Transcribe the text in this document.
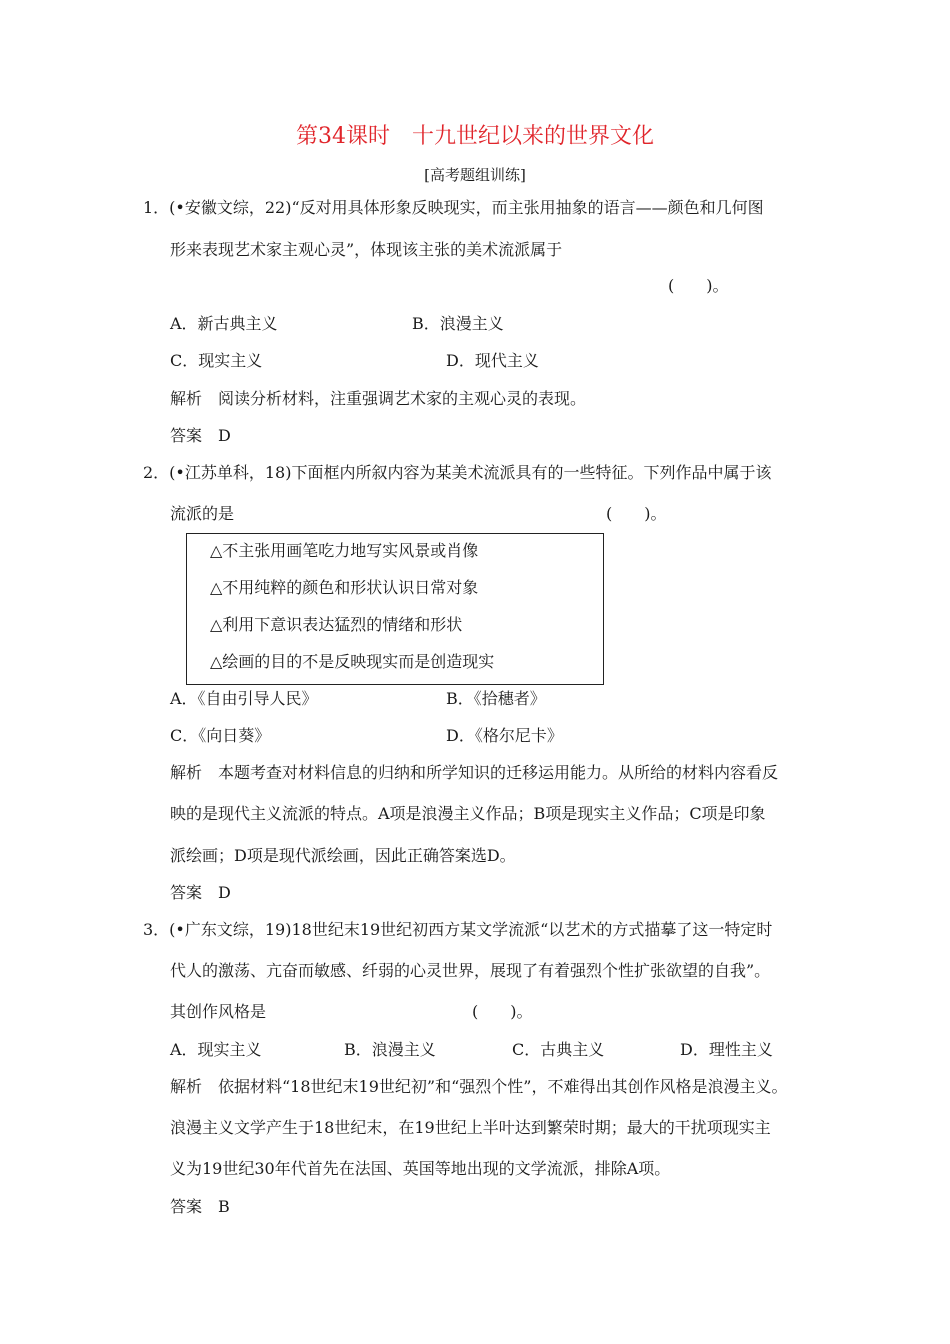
第34课时　十九世纪以来的世界文化
[高考题组训练]
1．(•安徽文综，22)“反对用具体形象反映现实，而主张用抽象的语言——颜色和几何图
形来表现艺术家主观心灵”，体现该主张的美术流派属于
(　　)。
A．新古典主义	B．浪漫主义
C．现实主义	D．现代主义
解析　阅读分析材料，注重强调艺术家的主观心灵的表现。
答案　D
2．(•江苏单科，18)下面框内所叙内容为某美术流派具有的一些特征。下列作品中属于该
流派的是	(　　)。
△不主张用画笔吃力地写实风景或肖像
△不用纯粹的颜色和形状认识日常对象
△利用下意识表达猛烈的情绪和形状
△绘画的目的不是反映现实而是创造现实
A．《自由引导人民》	B．《拾穗者》
C．《向日葵》	D．《格尔尼卡》
解析　本题考查对材料信息的归纳和所学知识的迁移运用能力。从所给的材料内容看反
映的是现代主义流派的特点。A项是浪漫主义作品；B项是现实主义作品；C项是印象
派绘画；D项是现代派绘画，因此正确答案选D。
答案　D
3．(•广东文综，19)18世纪末19世纪初西方某文学流派“以艺术的方式描摹了这一特定时
代人的激荡、亢奋而敏感、纤弱的心灵世界，展现了有着强烈个性扩张欲望的自我”。
其创作风格是	(　　)。
A．现实主义	B．浪漫主义	C．古典主义	D．理性主义
解析　依据材料“18世纪末19世纪初”和“强烈个性”，不难得出其创作风格是浪漫主义。
浪漫主义文学产生于18世纪末，在19世纪上半叶达到繁荣时期；最大的干扰项现实主
义为19世纪30年代首先在法国、英国等地出现的文学流派，排除A项。
答案　B
